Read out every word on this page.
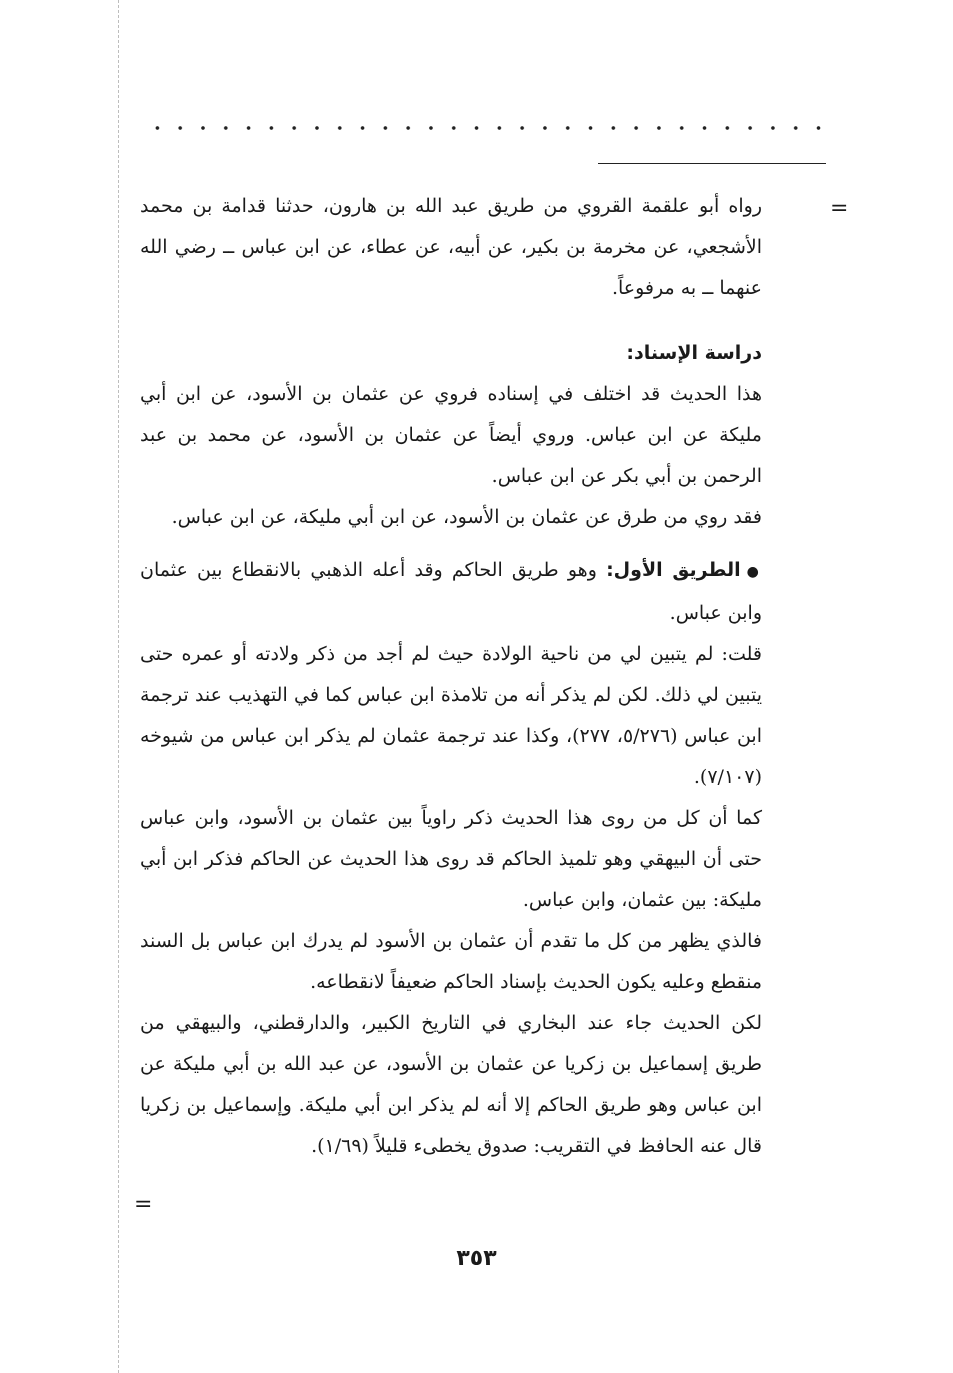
=

رواه أبو علقمة القروي من طريق عبد الله بن هارون، حدثنا قدامة بن محمد الأشجعي، عن مخرمة بن بكير، عن أبيه، عن عطاء، عن ابن عباس ــ رضي الله عنهما ــ به مرفوعاً.

دراسة الإسناد:

هذا الحديث قد اختلف في إسناده فروي عن عثمان بن الأسود، عن ابن أبي مليكة عن ابن عباس. وروي أيضاً عن عثمان بن الأسود، عن محمد بن عبد الرحمن بن أبي بكر عن ابن عباس.

فقد روي من طرق عن عثمان بن الأسود، عن ابن أبي مليكة، عن ابن عباس.

●الطريق الأول: وهو طريق الحاكم وقد أعله الذهبي بالانقطاع بين عثمان وابن عباس.

قلت: لم يتبين لي من ناحية الولادة حيث لم أجد من ذكر ولادته أو عمره حتى يتبين لي ذلك. لكن لم يذكر أنه من تلامذة ابن عباس كما في التهذيب عند ترجمة ابن عباس (٥/٢٧٦، ٢٧٧)، وكذا عند ترجمة عثمان لم يذكر ابن عباس من شيوخه (٧/١٠٧).

كما أن كل من روى هذا الحديث ذكر راوياً بين عثمان بن الأسود، وابن عباس حتى أن البيهقي وهو تلميذ الحاكم قد روى هذا الحديث عن الحاكم فذكر ابن أبي مليكة: بين عثمان، وابن عباس.

فالذي يظهر من كل ما تقدم أن عثمان بن الأسود لم يدرك ابن عباس بل السند منقطع وعليه يكون الحديث بإسناد الحاكم ضعيفاً لانقطاعه.

لكن الحديث جاء عند البخاري في التاريخ الكبير، والدارقطني، والبيهقي من طريق إسماعيل بن زكريا عن عثمان بن الأسود، عن عبد الله بن أبي مليكة عن ابن عباس وهو طريق الحاكم إلا أنه لم يذكر ابن أبي مليكة. وإسماعيل بن زكريا قال عنه الحافظ في التقريب: صدوق يخطىء قليلاً (١/٦٩).

=
٣٥٣
